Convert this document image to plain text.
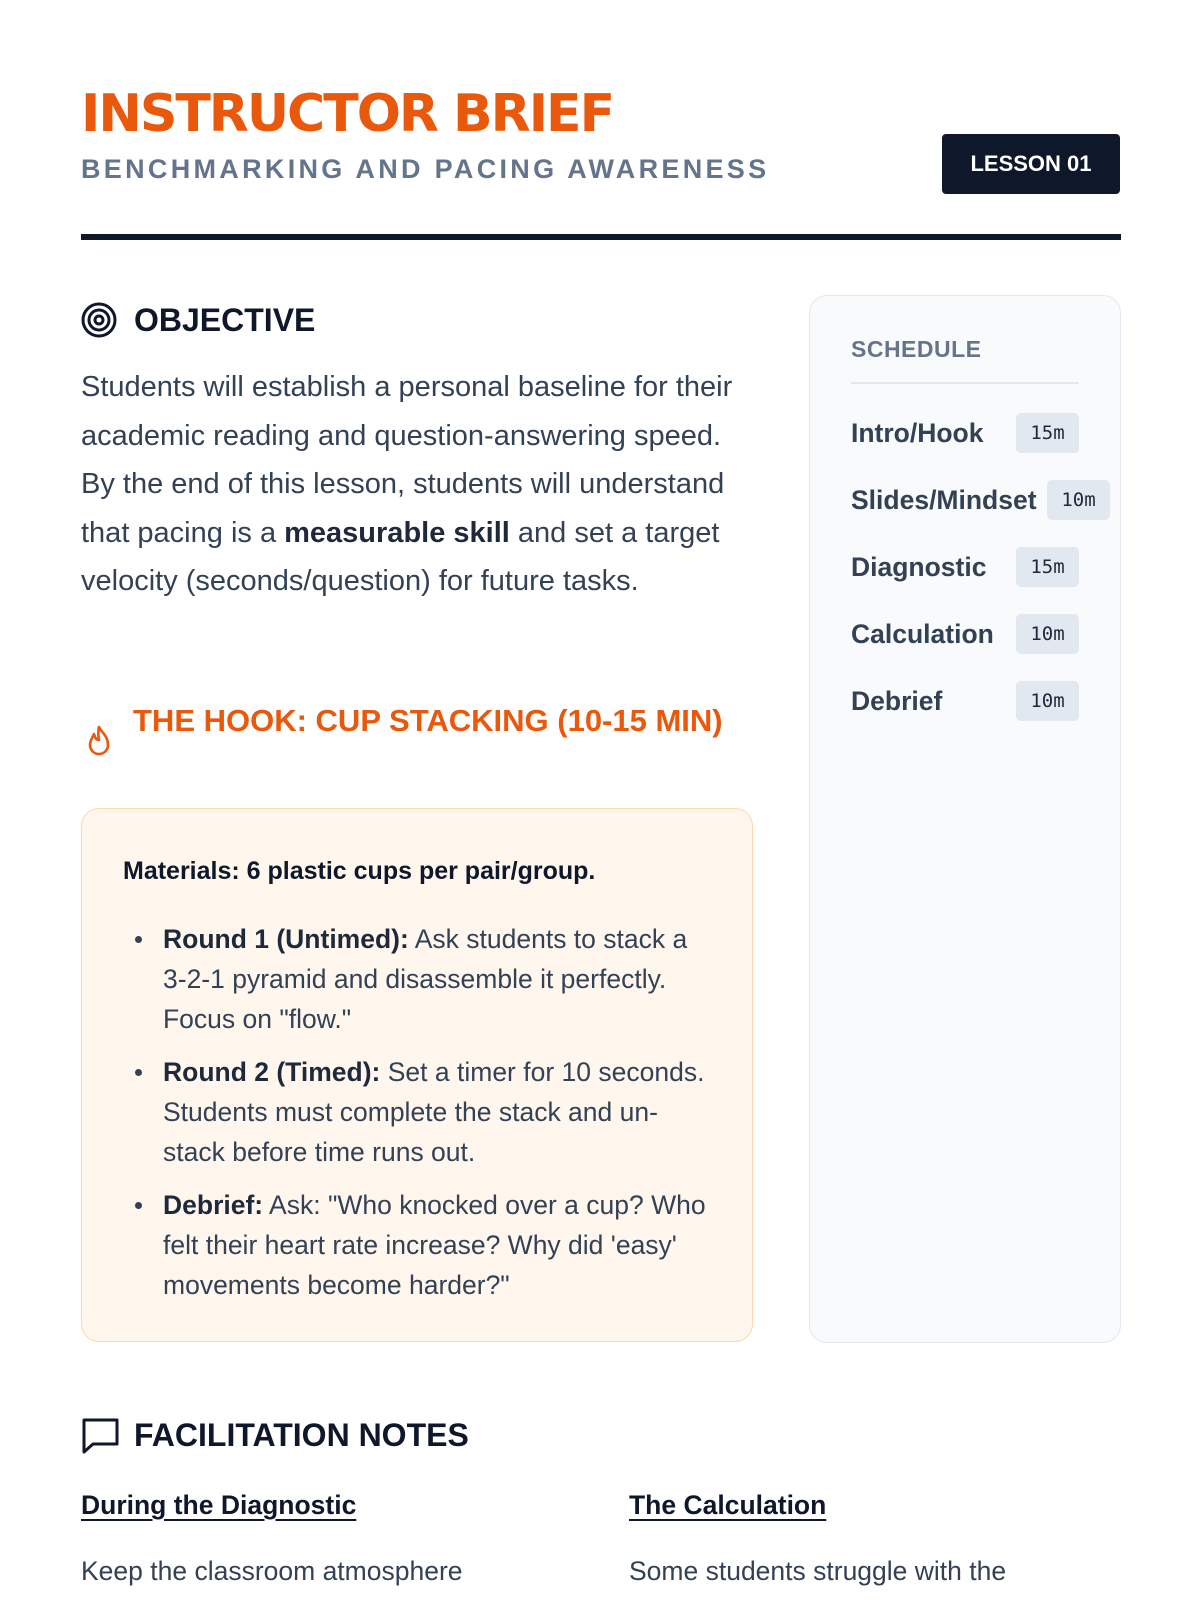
INSTRUCTOR BRIEF
BENCHMARKING AND PACING AWARENESS	LESSON 01
OBJECTIVE
Students will establish a personal baseline for their academic reading and question-answering speed. By the end of this lesson, students will understand that pacing is a measurable skill and set a target velocity (seconds/question) for future tasks.
THE HOOK: CUP STACKING (10-15 MIN)
Materials: 6 plastic cups per pair/group.
Round 1 (Untimed): Ask students to stack a 3-2-1 pyramid and disassemble it perfectly. Focus on "flow."
Round 2 (Timed): Set a timer for 10 seconds. Students must complete the stack and un-stack before time runs out.
Debrief: Ask: "Who knocked over a cup? Who felt their heart rate increase? Why did 'easy' movements become harder?"
SCHEDULE
Intro/Hook	15m
Slides/Mindset	10m
Diagnostic	15m
Calculation	10m
Debrief	10m
FACILITATION NOTES
During the Diagnostic	The Calculation
Keep the classroom atmosphere	Some students struggle with the
